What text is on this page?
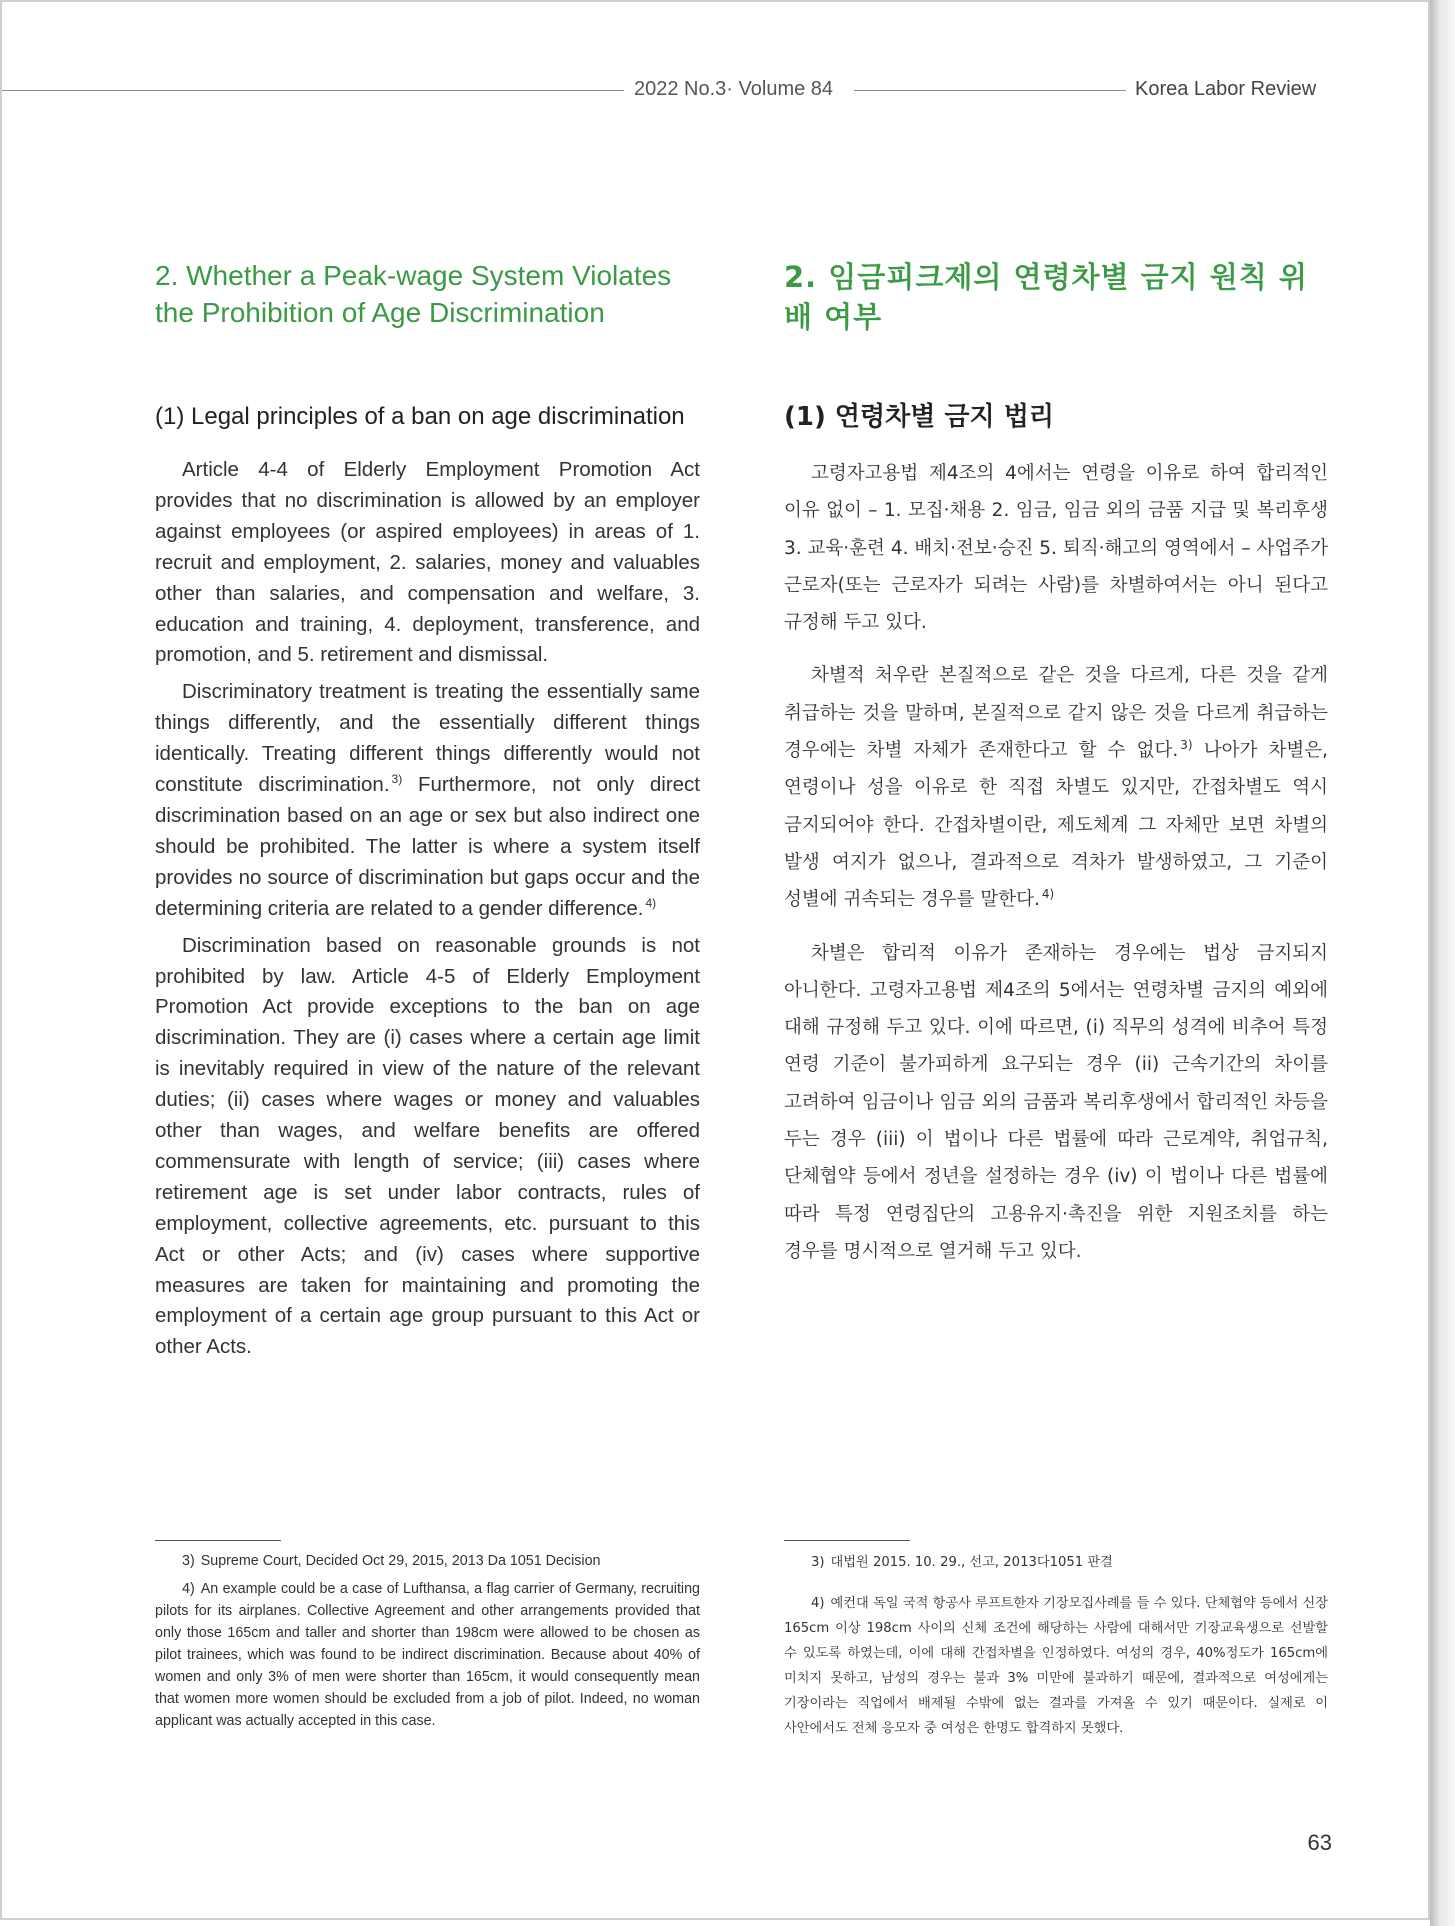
2022 No.3· Volume 84	Korea Labor Review
2. Whether a Peak-wage System Violates the Prohibition of Age Discrimination
(1) Legal principles of a ban on age discrimination

Article 4-4 of Elderly Employment Promotion Act provides that no discrimination is allowed by an employer against employees (or aspired employees) in areas of 1. recruit and employment, 2. salaries, money and valuables other than salaries, and compensation and welfare, 3. education and training, 4. deployment, transference, and promotion, and 5. retirement and dismissal.

Discriminatory treatment is treating the essentially same things differently, and the essentially different things identically. Treating different things differently would not constitute discrimination. $^{3)}$ Furthermore, not only direct discrimination based on an age or sex but also indirect one should be prohibited. The latter is where a system itself provides no source of discrimination but gaps occur and the determining criteria are related to a gender difference. $^{4)}$

Discrimination based on reasonable grounds is not prohibited by law. Article 4-5 of Elderly Employment Promotion Act provide exceptions to the ban on age discrimination. They are (i) cases where a certain age limit is inevitably required in view of the nature of the relevant duties; (ii) cases where wages or money and valuables other than wages, and welfare benefits are offered commensurate with length of service; (iii) cases where retirement age is set under labor contracts, rules of employment, collective agreements, etc. pursuant to this Act or other Acts; and (iv) cases where supportive measures are taken for maintaining and promoting the employment of a certain age group pursuant to this Act or other Acts.

2. 임금피크제의 연령차별 금지 원칙 위배 여부
(1) 연령차별 금지 법리

고령자고용법 제4조의 4에서는 연령을 이유로 하여 합리적인 이유 없이 – 1. 모집·채용 2. 임금, 임금 외의 금품 지급 및 복리후생 3. 교육·훈련 4. 배치·전보·승진 5. 퇴직·해고의 영역에서 – 사업주가 근로자(또는 근로자가 되려는 사람)를 차별하여서는 아니 된다고 규정해 두고 있다.

차별적 처우란 본질적으로 같은 것을 다르게, 다른 것을 같게 취급하는 것을 말하며, 본질적으로 같지 않은 것을 다르게 취급하는 경우에는 차별 자체가 존재한다고 할 수 없다. $^{3)}$ 나아가 차별은, 연령이나 성을 이유로 한 직접 차별도 있지만, 간접차별도 역시 금지되어야 한다. 간접차별이란, 제도체계 그 자체만 보면 차별의 발생 여지가 없으나, 결과적으로 격차가 발생하였고, 그 기준이 성별에 귀속되는 경우를 말한다. $^{4)}$

차별은 합리적 이유가 존재하는 경우에는 법상 금지되지 아니한다. 고령자고용법 제4조의 5에서는 연령차별 금지의 예외에 대해 규정해 두고 있다. 이에 따르면, (i) 직무의 성격에 비추어 특정 연령 기준이 불가피하게 요구되는 경우 (ii) 근속기간의 차이를 고려하여 임금이나 임금 외의 금품과 복리후생에서 합리적인 차등을 두는 경우 (iii) 이 법이나 다른 법률에 따라 근로계약, 취업규칙, 단체협약 등에서 정년을 설정하는 경우 (iv) 이 법이나 다른 법률에 따라 특정 연령집단의 고용유지·촉진을 위한 지원조치를 하는 경우를 명시적으로 열거해 두고 있다.

3) Supreme Court, Decided Oct 29, 2015, 2013 Da 1051 Decision

4) An example could be a case of Lufthansa, a flag carrier of Germany, recruiting pilots for its airplanes. Collective Agreement and other arrangements provided that only those 165cm and taller and shorter than 198cm were allowed to be chosen as pilot trainees, which was found to be indirect discrimination. Because about 40% of women and only 3% of men were shorter than 165cm, it would consequently mean that women more women should be excluded from a job of pilot. Indeed, no woman applicant was actually accepted in this case.

3) 대법원 2015. 10. 29., 선고, 2013다1051 판결

4) 예컨대 독일 국적 항공사 루프트한자 기장모집사례를 들 수 있다. 단체협약 등에서 신장 165cm 이상 198cm 사이의 신체 조건에 해당하는 사람에 대해서만 기장교육생으로 선발할 수 있도록 하였는데, 이에 대해 간접차별을 인정하였다. 여성의 경우, 40%정도가 165cm에 미치지 못하고, 남성의 경우는 불과 3% 미만에 불과하기 때문에, 결과적으로 여성에게는 기장이라는 직업에서 배제될 수밖에 없는 결과를 가져올 수 있기 때문이다. 실제로 이 사안에서도 전체 응모자 중 여성은 한명도 합격하지 못했다.

63
